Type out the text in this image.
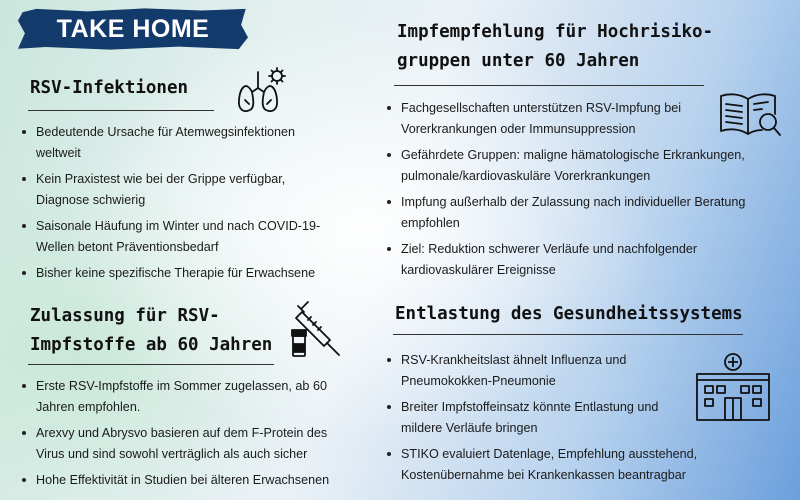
TAKE HOME
RSV-Infektionen
Bedeutende Ursache für Atemwegsinfektionen weltweit
Kein Praxistest wie bei der Grippe verfügbar, Diagnose schwierig
Saisonale Häufung im Winter und nach COVID-19-Wellen betont Präventionsbedarf
Bisher keine spezifische Therapie für Erwachsene
Zulassung für RSV-
Impfstoffe ab 60 Jahren
Erste RSV-Impfstoffe im Sommer zugelassen, ab 60 Jahren empfohlen.
Arexvy und Abrysvo basieren auf dem F-Protein des Virus und sind sowohl verträglich als auch sicher
Hohe Effektivität in Studien bei älteren Erwachsenen
Impfempfehlung für Hochrisiko-
gruppen unter 60 Jahren
Fachgesellschaften unterstützen RSV-Impfung bei Vorerkrankungen oder Immunsuppression
Gefährdete Gruppen: maligne hämatologische Erkrankungen, pulmonale/kardiovaskuläre Vorerkrankungen
Impfung außerhalb der Zulassung nach individueller Beratung empfohlen
Ziel: Reduktion schwerer Verläufe und nachfolgender kardiovaskulärer Ereignisse
Entlastung des Gesundheitssystems
RSV-Krankheitslast ähnelt Influenza und Pneumokokken-Pneumonie
Breiter Impfstoffeinsatz könnte Entlastung und mildere Verläufe bringen
STIKO evaluiert Datenlage, Empfehlung ausstehend, Kostenübernahme bei Krankenkassen beantragbar
